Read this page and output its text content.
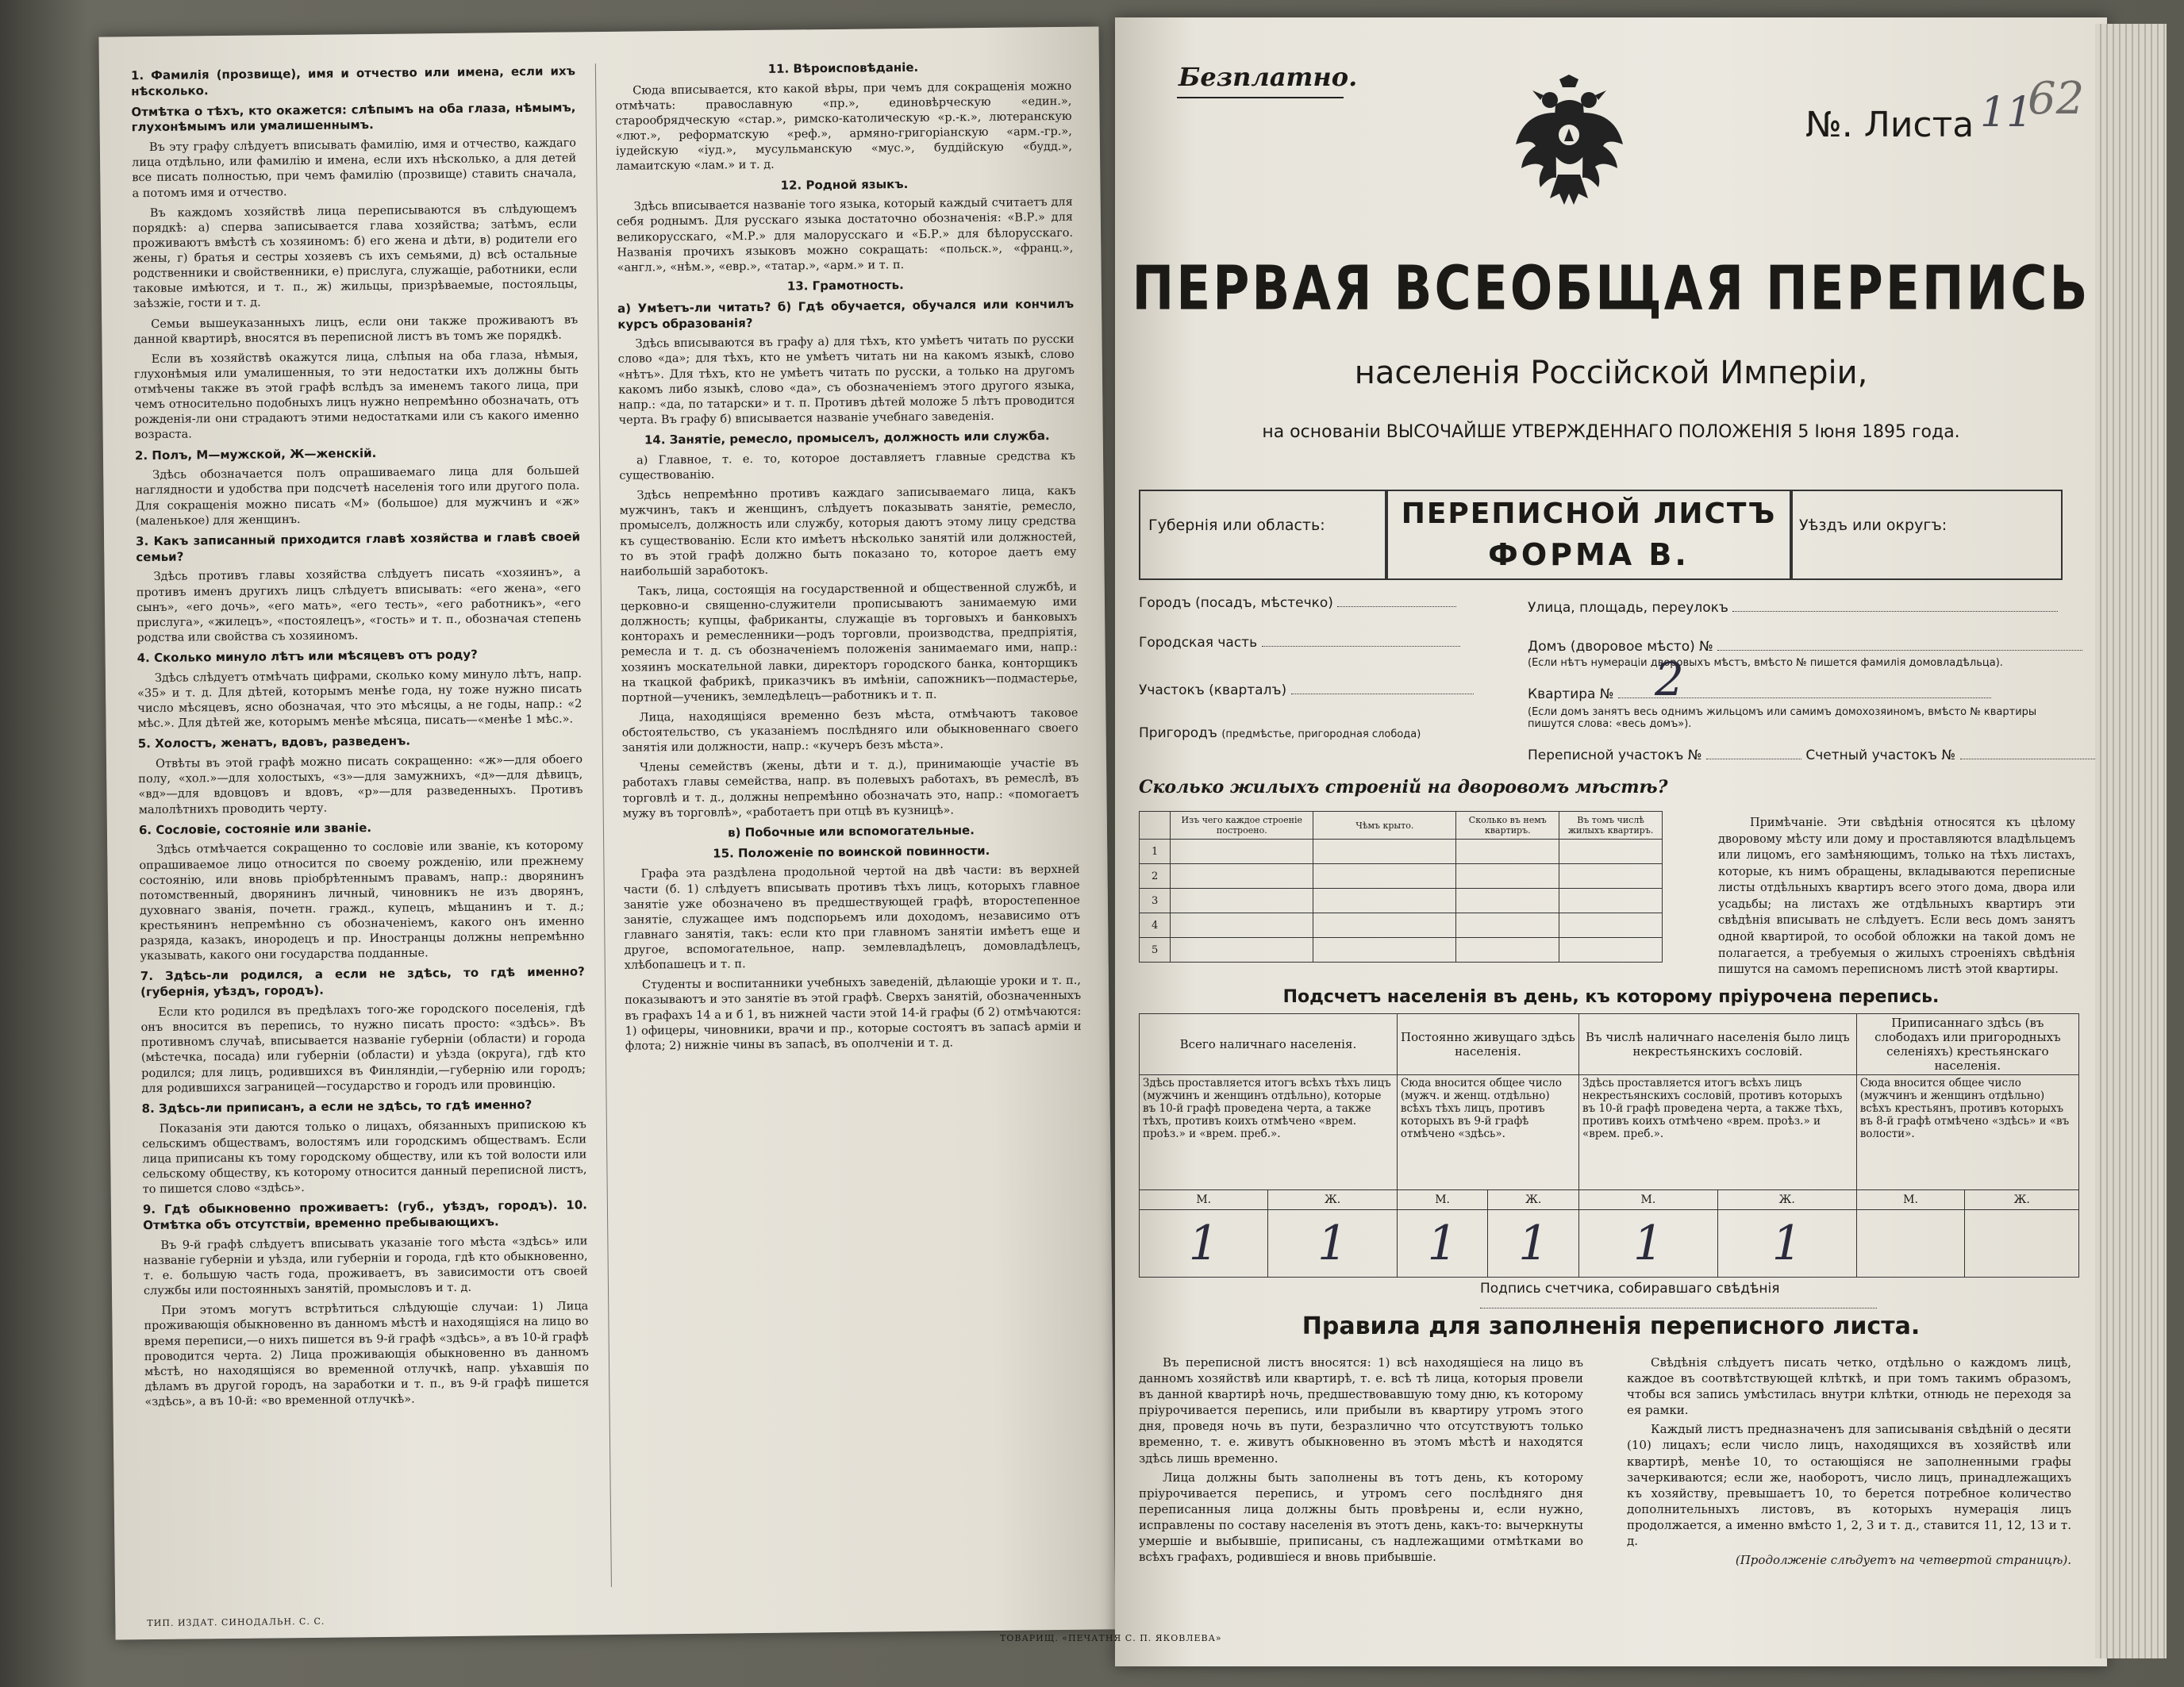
1. Фамилія (прозвище), имя и отчество или имена, если ихъ нѣсколько.

Отмѣтка о тѣхъ, кто окажется: слѣпымъ на оба глаза, нѣмымъ, глухонѣмымъ или умалишеннымъ.

Въ эту графу слѣдуетъ вписывать фамилію, имя и отчество, каждаго лица отдѣльно, или фамилію и имена, если ихъ нѣсколько, а для детей все писать полностью, при чемъ фамилію (прозвище) ставить сначала, а потомъ имя и отчество.

Въ каждомъ хозяйствѣ лица переписываются въ слѣдующемъ порядкѣ: а) сперва записывается глава хозяйства; затѣмъ, если проживаютъ вмѣстѣ съ хозяиномъ: б) его жена и дѣти, в) родители его жены, г) братья и сестры хозяевъ съ ихъ семьями, д) всѣ остальные родственники и свойственники, е) прислуга, служащіе, работники, если таковые имѣются, и т. п., ж) жильцы, призрѣваемые, постояльцы, заѣзжіе, гости и т. д.

Семьи вышеуказанныхъ лицъ, если они также проживаютъ въ данной квартирѣ, вносятся въ переписной листъ въ томъ же порядкѣ.

Если въ хозяйствѣ окажутся лица, слѣпыя на оба глаза, нѣмыя, глухонѣмыя или умалишенныя, то эти недостатки ихъ должны быть отмѣчены также въ этой графѣ вслѣдъ за именемъ такого лица, при чемъ относительно подобныхъ лицъ нужно непремѣнно обозначать, отъ рожденія-ли они страдаютъ этими недостатками или съ какого именно возраста.

2. Полъ, М—мужской, Ж—женскій.

Здѣсь обозначается полъ опрашиваемаго лица для большей наглядности и удобства при подсчетѣ населенія того или другого пола. Для сокращенія можно писать «М» (большое) для мужчинъ и «ж» (маленькое) для женщинъ.

3. Какъ записанный приходится главѣ хозяйства и главѣ своей семьи?

Здѣсь противъ главы хозяйства слѣдуетъ писать «хозяинъ», а противъ именъ другихъ лицъ слѣдуетъ вписывать: «его жена», «его сынъ», «его дочь», «его мать», «его тесть», «его работникъ», «его прислуга», «жилецъ», «постоялецъ», «гость» и т. п., обозначая степень родства или свойства съ хозяиномъ.

4. Сколько минуло лѣтъ или мѣсяцевъ отъ роду?

Здѣсь слѣдуетъ отмѣчать цифрами, сколько кому минуло лѣтъ, напр. «35» и т. д. Для дѣтей, которымъ менѣе года, ну тоже нужно писать число мѣсяцевъ, ясно обозначая, что это мѣсяцы, а не годы, напр.: «2 мѣс.». Для дѣтей же, которымъ менѣе мѣсяца, писать—«менѣе 1 мѣс.».

5. Холостъ, женатъ, вдовъ, разведенъ.

Отвѣты въ этой графѣ можно писать сокращенно: «ж»—для обоего полу, «хол.»—для холостыхъ, «з»—для замужнихъ, «д»—для дѣвицъ, «вд»—для вдовцовъ и вдовъ, «р»—для разведенныхъ. Противъ малолѣтнихъ проводить черту.

6. Сословіе, состояніе или званіе.

Здѣсь отмѣчается сокращенно то сословіе или званіе, къ которому опрашиваемое лицо относится по своему рожденію, или прежнему состоянію, или вновь пріобрѣтеннымъ правамъ, напр.: дворянинъ потомственный, дворянинъ личный, чиновникъ не изъ дворянъ, духовнаго званія, почетн. гражд., купецъ, мѣщанинъ и т. д.; крестьянинъ непремѣнно съ обозначеніемъ, какого онъ именно разряда, казакъ, инородецъ и пр. Иностранцы должны непремѣнно указывать, какого они государства подданные.

7. Здѣсь-ли родился, а если не здѣсь, то гдѣ именно? (губернія, уѣздъ, городъ).

Если кто родился въ предѣлахъ того-же городского поселенія, гдѣ онъ вносится въ перепись, то нужно писать просто: «здѣсь». Въ противномъ случаѣ, вписывается названіе губерніи (области) и города (мѣстечка, посада) или губерніи (области) и уѣзда (округа), гдѣ кто родился; для лицъ, родившихся въ Финляндіи,—губернію или городъ; для родившихся заграницей—государство и городъ или провинцію.

8. Здѣсь-ли приписанъ, а если не здѣсь, то гдѣ именно?

Показанія эти даются только о лицахъ, обязанныхъ припискою къ сельскимъ обществамъ, волостямъ или городскимъ обществамъ. Если лица приписаны къ тому городскому обществу, или къ той волости или сельскому обществу, къ которому относится данный переписной листъ, то пишется слово «здѣсь».

9. Гдѣ обыкновенно проживаетъ: (губ., уѣздъ, городъ). 10. Отмѣтка объ отсутствіи, временно пребывающихъ.

Въ 9-й графѣ слѣдуетъ вписывать указаніе того мѣста «здѣсь» или названіе губерніи и уѣзда, или губерніи и города, гдѣ кто обыкновенно, т. е. большую часть года, проживаетъ, въ зависимости отъ своей службы или постоянныхъ занятій, промысловъ и т. д.

При этомъ могутъ встрѣтиться слѣдующіе случаи: 1) Лица проживающія обыкновенно въ данномъ мѣстѣ и находящіяся на лицо во время переписи,—о нихъ пишется въ 9-й графѣ «здѣсь», а въ 10-й графѣ проводится черта. 2) Лица проживающія обыкновенно въ данномъ мѣстѣ, но находящіяся во временной отлучкѣ, напр. уѣхавшія по дѣламъ въ другой городъ, на заработки и т. п., въ 9-й графѣ пишется «здѣсь», а въ 10-й: «во временной отлучкѣ».

11. Вѣроисповѣданіе.

Сюда вписывается, кто какой вѣры, при чемъ для сокращенія можно отмѣчать: православную «пр.», единовѣрческую «един.», старообрядческую «стар.», римско-католическую «р.-к.», лютеранскую «лют.», реформатскую «реф.», армяно-григоріанскую «арм.-гр.», іудейскую «іуд.», мусульманскую «мус.», буддійскую «будд.», ламаитскую «лам.» и т. д.

12. Родной языкъ.

Здѣсь вписывается названіе того языка, который каждый считаетъ для себя роднымъ. Для русскаго языка достаточно обозначенія: «В.Р.» для великорусскаго, «М.Р.» для малорусскаго и «Б.Р.» для бѣлорусскаго. Названія прочихъ языковъ можно сокращать: «польск.», «франц.», «англ.», «нѣм.», «евр.», «татар.», «арм.» и т. п.

13. Грамотность.

а) Умѣетъ-ли читать? б) Гдѣ обучается, обучался или кончилъ курсъ образованія?

Здѣсь вписываются въ графу а) для тѣхъ, кто умѣетъ читать по русски слово «да»; для тѣхъ, кто не умѣетъ читать ни на какомъ языкѣ, слово «нѣтъ». Для тѣхъ, кто не умѣетъ читать по русски, а только на другомъ какомъ либо языкѣ, слово «да», съ обозначеніемъ этого другого языка, напр.: «да, по татарски» и т. п. Противъ дѣтей моложе 5 лѣтъ проводится черта. Въ графу б) вписывается названіе учебнаго заведенія.

14. Занятіе, ремесло, промыселъ, должность или служба.

а) Главное, т. е. то, которое доставляетъ главные средства къ существованію.

Здѣсь непремѣнно противъ каждаго записываемаго лица, какъ мужчинъ, такъ и женщинъ, слѣдуетъ показывать занятіе, ремесло, промыселъ, должность или службу, которыя даютъ этому лицу средства къ существованію. Если кто имѣетъ нѣсколько занятій или должностей, то въ этой графѣ должно быть показано то, которое даетъ ему наибольшій заработокъ.

Такъ, лица, состоящія на государственной и общественной службѣ, и церковно-и священно-служители прописываютъ занимаемую ими должность; купцы, фабриканты, служащіе въ торговыхъ и банковыхъ конторахъ и ремесленники—родъ торговли, производства, предпріятія, ремесла и т. д. съ обозначеніемъ положенія занимаемаго ими, напр.: хозяинъ москательной лавки, директоръ городского банка, конторщикъ на ткацкой фабрикѣ, приказчикъ въ имѣніи, сапожникъ—подмастерье, портной—ученикъ, земледѣлецъ—работникъ и т. п.

Лица, находящіяся временно безъ мѣста, отмѣчаютъ таковое обстоятельство, съ указаніемъ послѣдняго или обыкновеннаго своего занятія или должности, напр.: «кучеръ безъ мѣста».

Члены семействъ (жены, дѣти и т. д.), принимающіе участіе въ работахъ главы семейства, напр. въ полевыхъ работахъ, въ ремеслѣ, въ торговлѣ и т. д., должны непремѣнно обозначать это, напр.: «помогаетъ мужу въ торговлѣ», «работаетъ при отцѣ въ кузницѣ».

в) Побочные или вспомогательные.

15. Положеніе по воинской повинности.

Графа эта раздѣлена продольной чертой на двѣ части: въ верхней части (б. 1) слѣдуетъ вписывать противъ тѣхъ лицъ, которыхъ главное занятіе уже обозначено въ предшествующей графѣ, второстепенное занятіе, служащее имъ подспорьемъ или доходомъ, независимо отъ главнаго занятія, такъ: если кто при главномъ занятіи имѣетъ еще и другое, вспомогательное, напр. землевладѣлецъ, домовладѣлецъ, хлѣбопашецъ и т. п.

Студенты и воспитанники учебныхъ заведеній, дѣлающіе уроки и т. п., показываютъ и это занятіе въ этой графѣ. Сверхъ занятій, обозначенныхъ въ графахъ 14 а и б 1, въ нижней части этой 14-й графы (б 2) отмѣчаются: 1) офицеры, чиновники, врачи и пр., которые состоятъ въ запасѣ арміи и флота; 2) нижніе чины въ запасѣ, въ ополченіи и т. д.

ТИП. ИЗДАТ. СИНОДАЛЬН. С. С.
Безплатно.
№. Листа 11
62
ПЕРВАЯ ВСЕОБЩАЯ ПЕРЕПИСЬ
населенія Россійской Имперіи,
на основаніи ВЫСОЧАЙШЕ УТВЕРЖДЕННАГО ПОЛОЖЕНІЯ 5 Іюня 1895 года.
Губернія или область:	ПЕРЕПИСНОЙ ЛИСТЪ
ФОРМА В.
Уѣздъ или округъ:
Городъ (посадъ, мѣстечко)
Городская часть
Участокъ (кварталъ)
Пригородъ (предмѣстье, пригородная слобода)
Улица, площадь, переулокъ
Домъ (дворовое мѣсто) №
(Если нѣтъ нумераціи дворовыхъ мѣстъ, вмѣсто № пишется фамилія домовладѣльца).
Квартира № 2
(Если домъ занятъ весь однимъ жильцомъ или самимъ домохозяиномъ, вмѣсто № квартиры пишутся слова: «весь домъ»).
Переписной участокъ №	Счетный участокъ №
Сколько жилыхъ строеній на дворовомъ мѣстѣ?
	Изъ чего каждое строеніе построено.	Чѣмъ крыто.	Сколько въ немъ квартиръ.	Въ томъ числѣ жилыхъ квартиръ.
1				
2				
3				
4				
5				
Примѣчаніе. Эти свѣдѣнія относятся къ цѣлому дворовому мѣсту или дому и проставляются владѣльцемъ или лицомъ, его замѣняющимъ, только на тѣхъ листахъ, которые, къ нимъ обращены, вкладываются переписные листы отдѣльныхъ квартиръ всего этого дома, двора или усадьбы; на листахъ же отдѣльныхъ квартиръ эти свѣдѣнія вписывать не слѣдуетъ. Если весь домъ занятъ одной квартирой, то особой обложки на такой домъ не полагается, а требуемыя о жилыхъ строеніяхъ свѣдѣнія пишутся на самомъ переписномъ листѣ этой квартиры.
Подсчетъ населенія въ день, къ которому пріурочена перепись.
Всего наличнаго населенія.		Постоянно живущаго здѣсь населенія.		Въ числѣ наличнаго населенія было лицъ некрестьянскихъ сословій.		Приписаннаго здѣсь (въ слободахъ или пригородныхъ селеніяхъ) крестьянскаго населенія.	
Здѣсь проставляется итогъ всѣхъ тѣхъ лицъ (мужчинъ и женщинъ отдѣльно), которые въ 10-й графѣ проведена черта, а также тѣхъ, противъ коихъ отмѣчено «врем. проѣз.» и «врем. преб.».		Сюда вносится общее число (мужч. и женщ. отдѣльно) всѣхъ тѣхъ лицъ, противъ которыхъ въ 9-й графѣ отмѣчено «здѣсь».		Здѣсь проставляется итогъ всѣхъ лицъ некрестьянскихъ сословій, противъ которыхъ въ 10-й графѣ проведена черта, а также тѣхъ, противъ коихъ отмѣчено «врем. проѣз.» и «врем. преб.».		Сюда вносится общее число (мужчинъ и женщинъ отдѣльно) всѣхъ крестьянъ, противъ которыхъ въ 8-й графѣ отмѣчено «здѣсь» и «въ волости».	
М.	Ж.	М.	Ж.	М.	Ж.	М.	Ж.
1	1	1	1	1	1		
Подпись счетчика, собиравшаго свѣдѣнія
Правила для заполненія переписного листа.

Въ переписной листъ вносятся: 1) всѣ находящіеся на лицо въ данномъ хозяйствѣ или квартирѣ, т. е. всѣ тѣ лица, которыя провели въ данной квартирѣ ночь, предшествовавшую тому дню, къ которому пріурочивается перепись, или прибыли въ квартиру утромъ этого дня, проведя ночь въ пути, безразлично что отсутствуютъ только временно, т. е. живутъ обыкновенно въ этомъ мѣстѣ и находятся здѣсь лишь временно.

Лица должны быть заполнены въ тотъ день, къ которому пріурочивается перепись, и утромъ сего послѣдняго дня переписанныя лица должны быть провѣрены и, если нужно, исправлены по составу населенія въ этотъ день, какъ-то: вычеркнуты умершіе и выбывшіе, приписаны, съ надлежащими отмѣтками во всѣхъ графахъ, родившіеся и вновь прибывшіе.

Свѣдѣнія слѣдуетъ писать четко, отдѣльно о каждомъ лицѣ, каждое въ соотвѣтствующей клѣткѣ, и при томъ такимъ образомъ, чтобы вся запись умѣстилась внутри клѣтки, отнюдь не переходя за ея рамки.

Каждый листъ предназначенъ для записыванія свѣдѣній о десяти (10) лицахъ; если число лицъ, находящихся въ хозяйствѣ или квартирѣ, менѣе 10, то остающіяся не заполненными графы зачеркиваются; если же, наоборотъ, число лицъ, принадлежащихъ къ хозяйству, превышаетъ 10, то берется потребное количество дополнительныхъ листовъ, въ которыхъ нумерація лицъ продолжается, а именно вмѣсто 1, 2, 3 и т. д., ставится 11, 12, 13 и т. д.

(Продолженіе слѣдуетъ на четвертой страницѣ).

ТОВАРИЩ. «ПЕЧАТНЯ С. П. ЯКОВЛЕВА»
